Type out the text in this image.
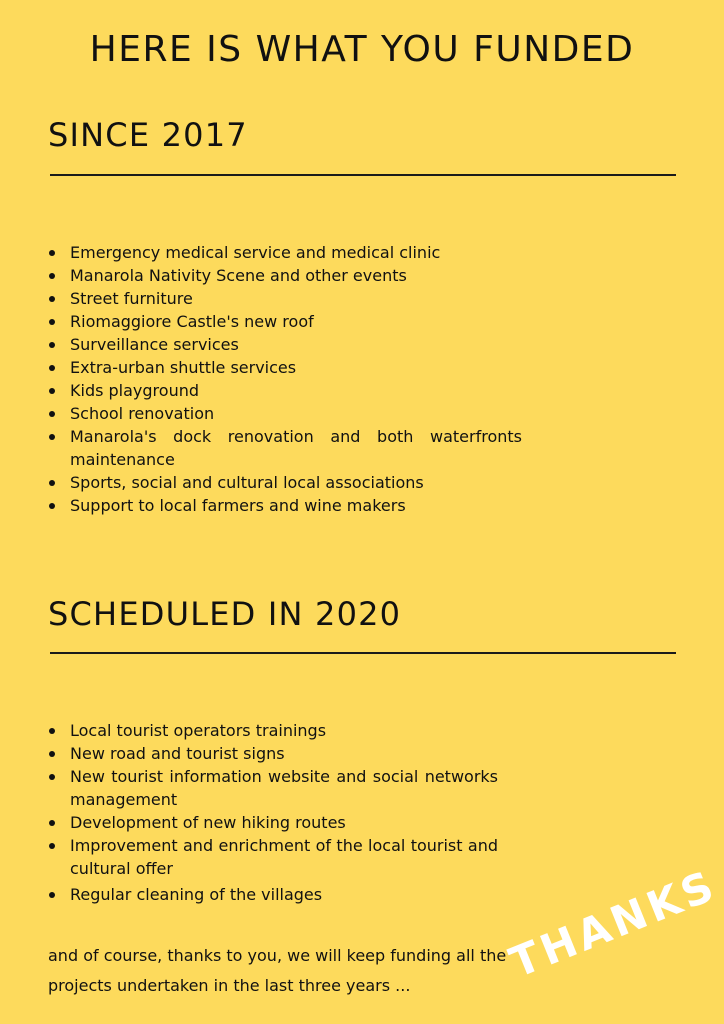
HERE IS WHAT YOU FUNDED
SINCE 2017
Emergency medical service and medical clinic
Manarola Nativity Scene and other events
Street furniture
Riomaggiore Castle's new roof
Surveillance services
Extra-urban shuttle services
Kids playground
School renovation
Manarola's dock renovation and both waterfronts maintenance
Sports, social and cultural local associations
Support to local farmers and wine makers
SCHEDULED IN 2020
Local tourist operators trainings
New road and tourist signs
New tourist information website and social networks management
Development of new hiking routes
Improvement and enrichment of the local tourist and cultural offer
Regular cleaning of the villages

and of course, thanks to you, we will keep funding all the projects undertaken in the last three years ...	THANKS
